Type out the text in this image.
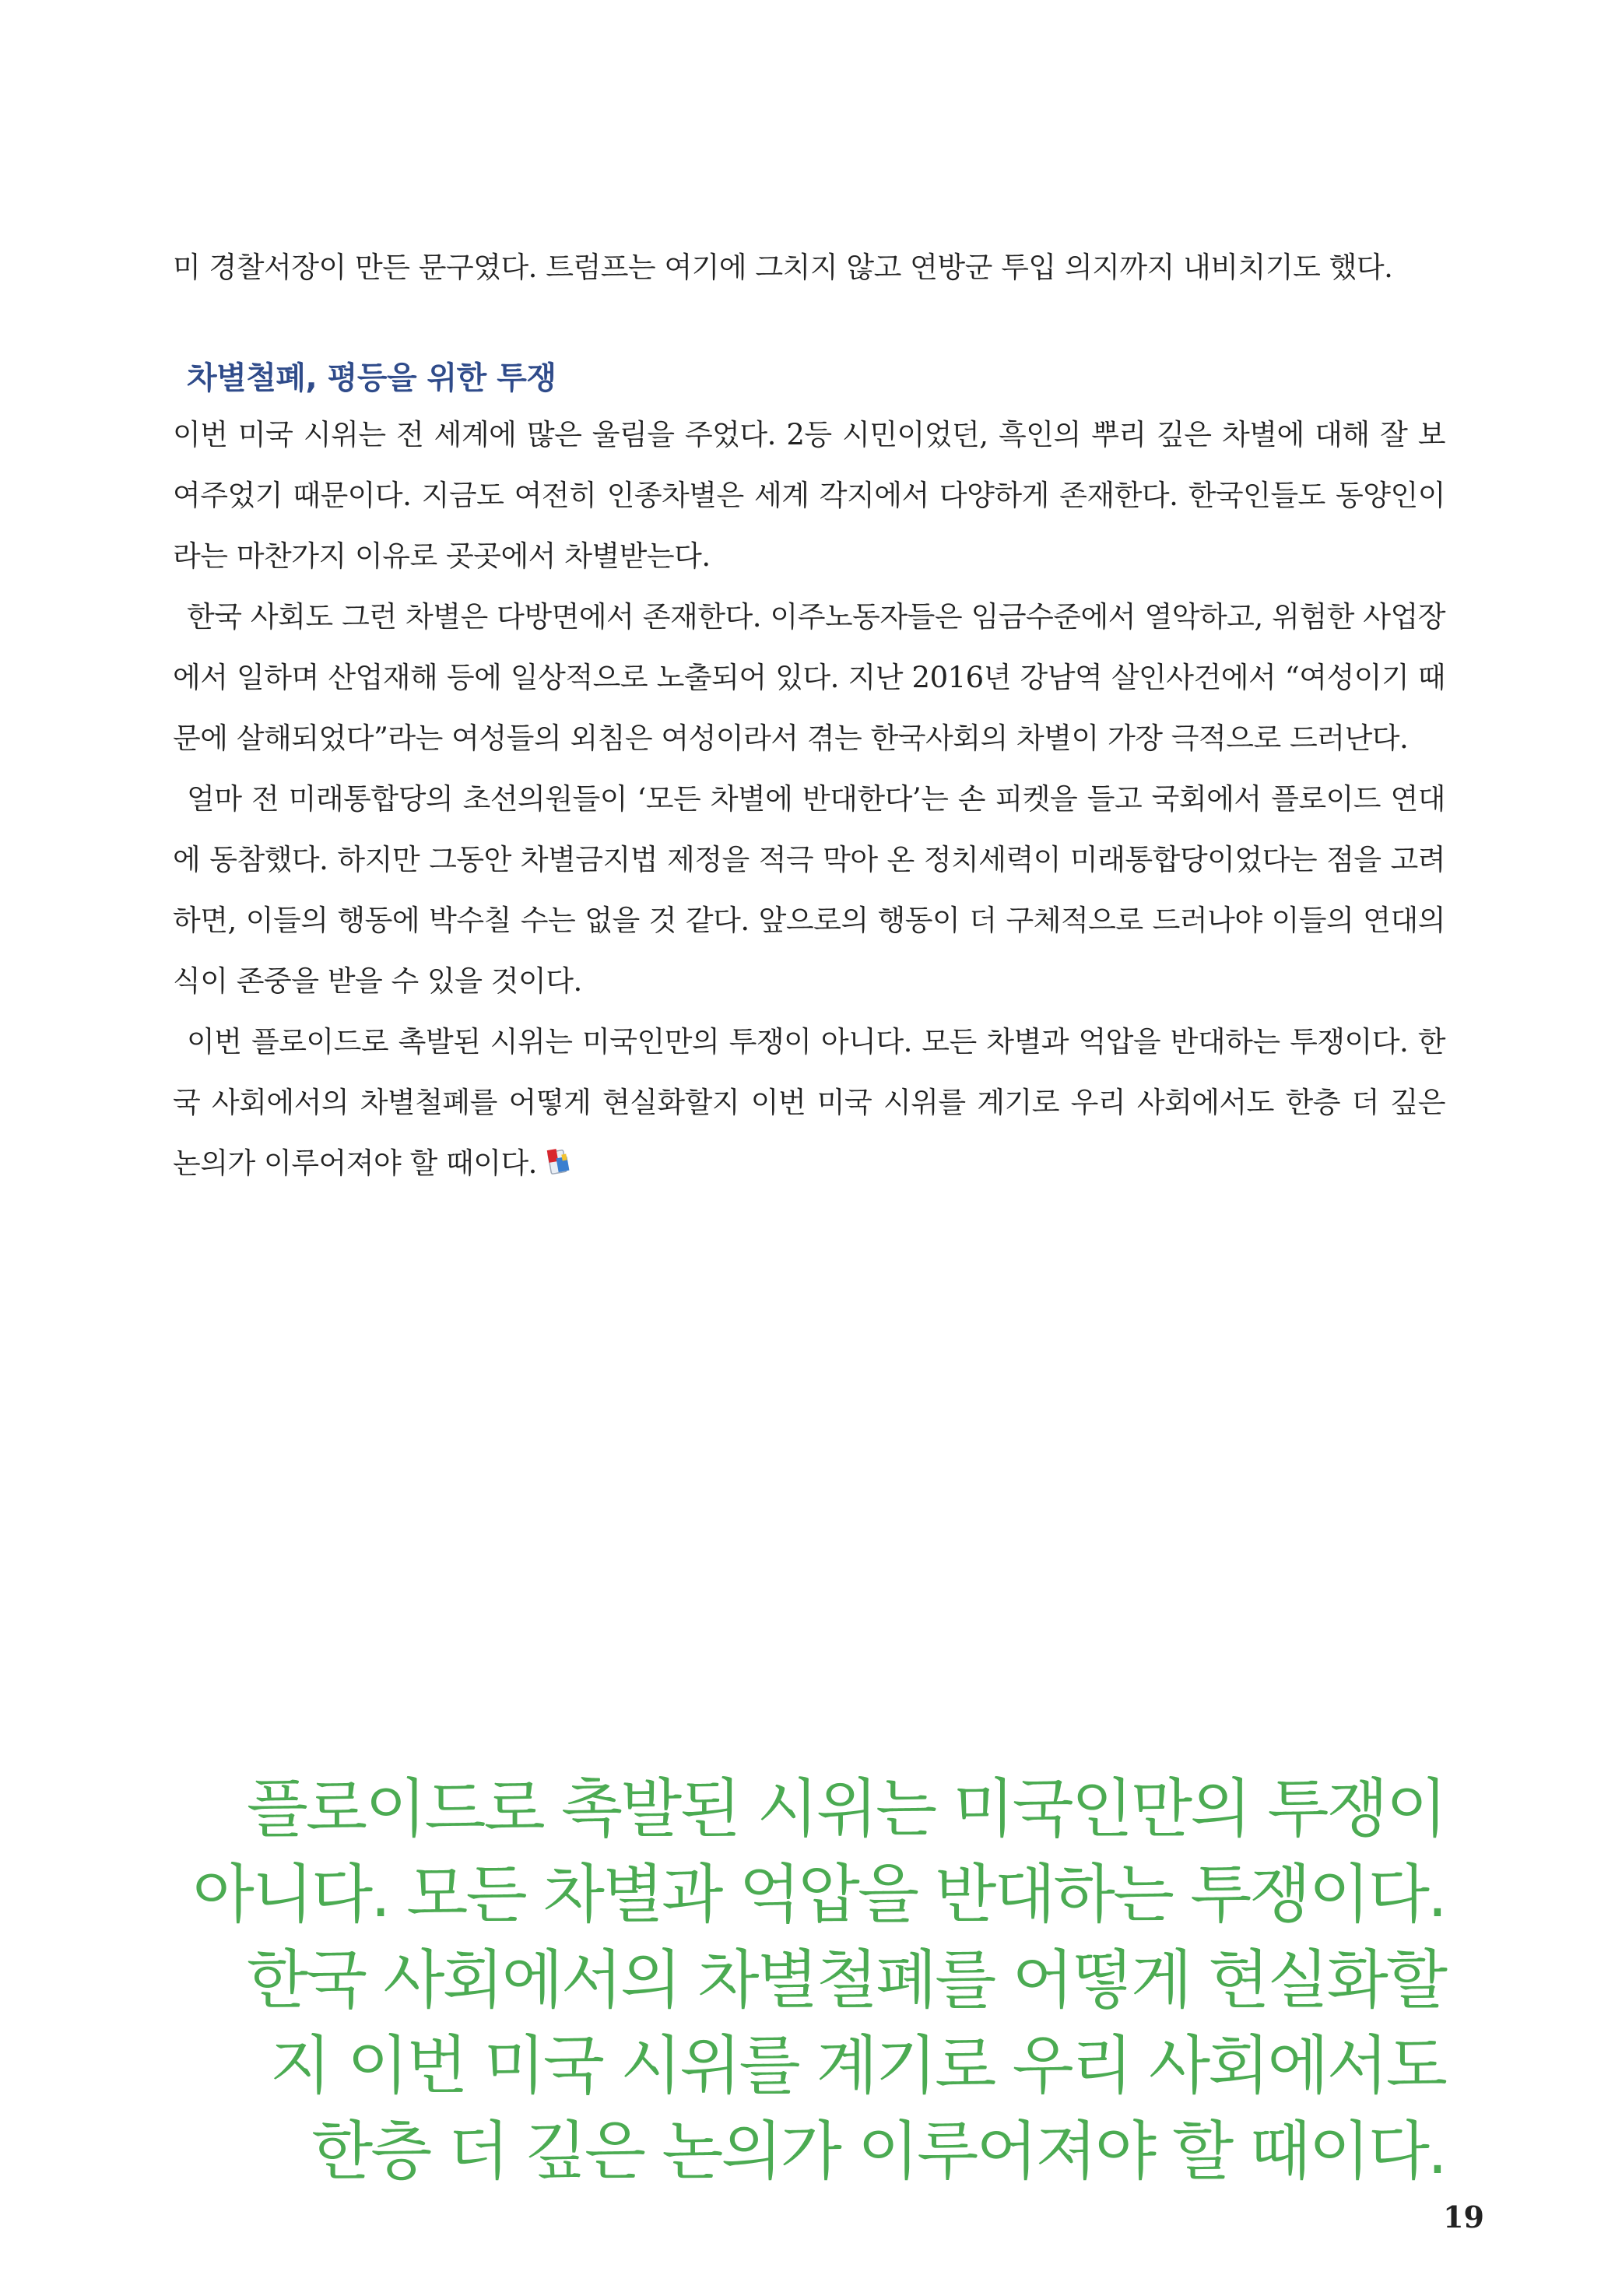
미 경찰서장이 만든 문구였다. 트럼프는 여기에 그치지 않고 연방군 투입 의지까지 내비치기도 했다.

차별철폐, 평등을 위한 투쟁

이번 미국 시위는 전 세계에 많은 울림을 주었다. 2등 시민이었던, 흑인의 뿌리 깊은 차별에 대해 잘 보여주었기 때문이다. 지금도 여전히 인종차별은 세계 각지에서 다양하게 존재한다. 한국인들도 동양인이라는 마찬가지 이유로 곳곳에서 차별받는다.

한국 사회도 그런 차별은 다방면에서 존재한다. 이주노동자들은 임금수준에서 열악하고, 위험한 사업장에서 일하며 산업재해 등에 일상적으로 노출되어 있다. 지난 2016년 강남역 살인사건에서 “여성이기 때문에 살해되었다”라는 여성들의 외침은 여성이라서 겪는 한국사회의 차별이 가장 극적으로 드러난다.

얼마 전 미래통합당의 초선의원들이 ‘모든 차별에 반대한다’는 손 피켓을 들고 국회에서 플로이드 연대에 동참했다. 하지만 그동안 차별금지법 제정을 적극 막아 온 정치세력이 미래통합당이었다는 점을 고려하면, 이들의 행동에 박수칠 수는 없을 것 같다. 앞으로의 행동이 더 구체적으로 드러나야 이들의 연대의식이 존중을 받을 수 있을 것이다.

이번 플로이드로 촉발된 시위는 미국인만의 투쟁이 아니다. 모든 차별과 억압을 반대하는 투쟁이다. 한국 사회에서의 차별철폐를 어떻게 현실화할지 이번 미국 시위를 계기로 우리 사회에서도 한층 더 깊은 논의가 이루어져야 할 때이다.

플로이드로 촉발된 시위는 미국인만의 투쟁이
아니다. 모든 차별과 억압을 반대하는 투쟁이다.
한국 사회에서의 차별철폐를 어떻게 현실화할
지 이번 미국 시위를 계기로 우리 사회에서도
한층 더 깊은 논의가 이루어져야 할 때이다.
19
